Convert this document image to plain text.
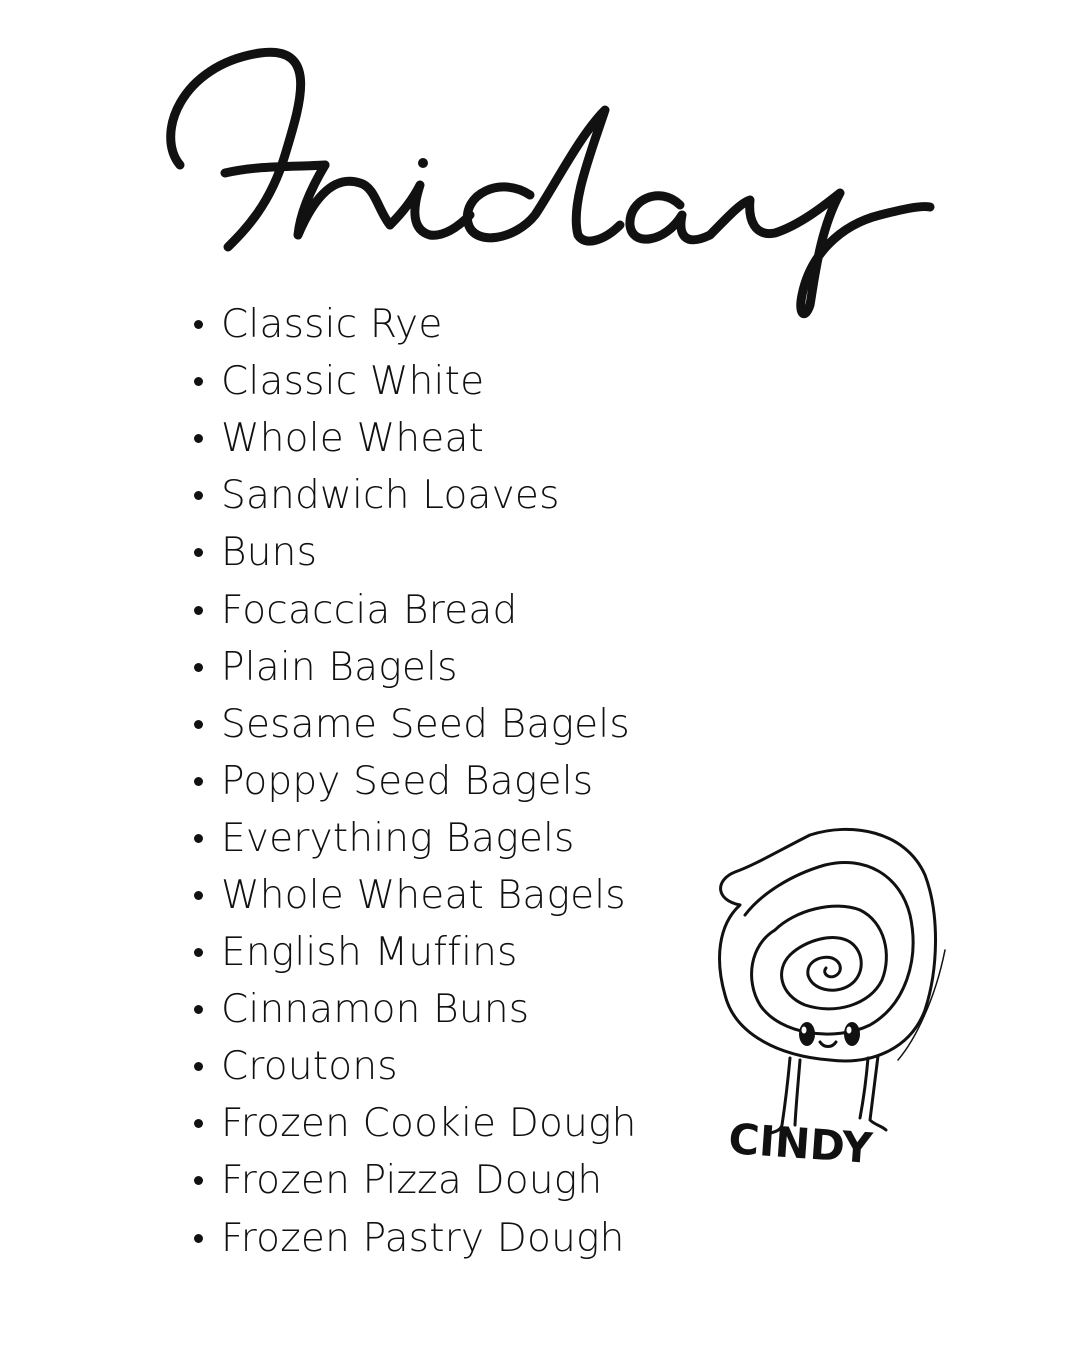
Classic Rye
Classic White
Whole Wheat
Sandwich Loaves
Buns
Focaccia Bread
Plain Bagels
Sesame Seed Bagels
Poppy Seed Bagels
Everything Bagels
Whole Wheat Bagels
English Muffins
Cinnamon Buns
Croutons
Frozen Cookie Dough
Frozen Pizza Dough
Frozen Pastry Dough
CINDY
